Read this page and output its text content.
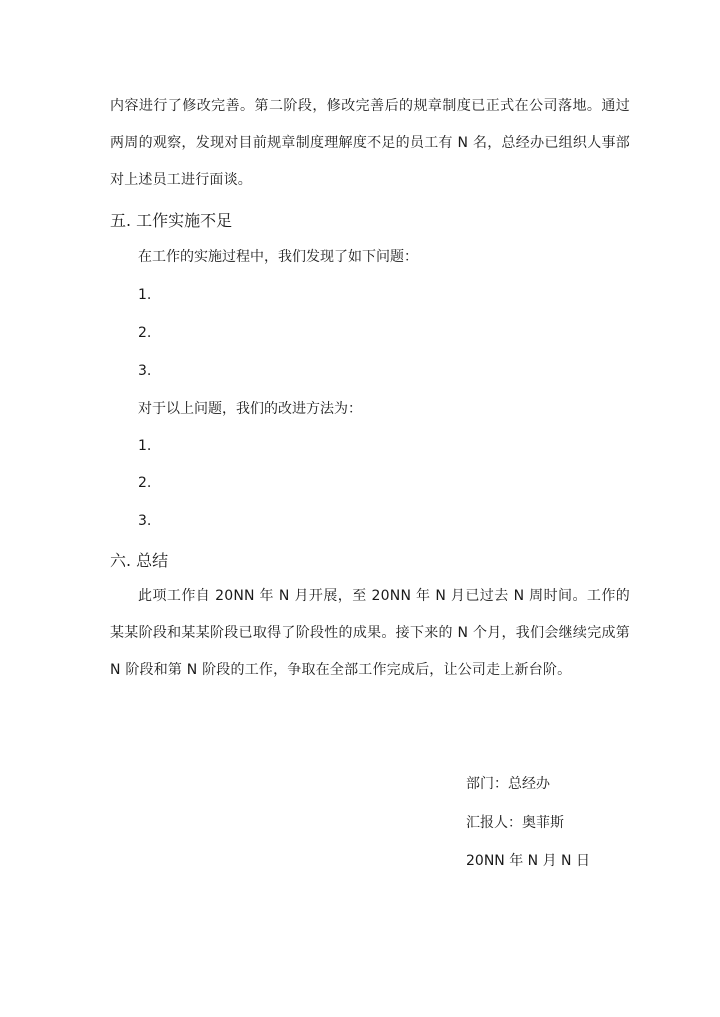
内容进行了修改完善。第二阶段，修改完善后的规章制度已正式在公司落地。通过两周的观察，发现对目前规章制度理解度不足的员工有 N 名，总经办已组织人事部对上述员工进行面谈。

五. 工作实施不足

在工作的实施过程中，我们发现了如下问题：

1.

2.

3.

对于以上问题，我们的改进方法为：

1.

2.

3.

六. 总结

此项工作自 20NN 年 N 月开展，至 20NN 年 N 月已过去 N 周时间。工作的某某阶段和某某阶段已取得了阶段性的成果。接下来的 N 个月，我们会继续完成第 N 阶段和第 N 阶段的工作，争取在全部工作完成后，让公司走上新台阶。

部门：总经办

汇报人：奥菲斯

20NN 年 N 月 N 日
